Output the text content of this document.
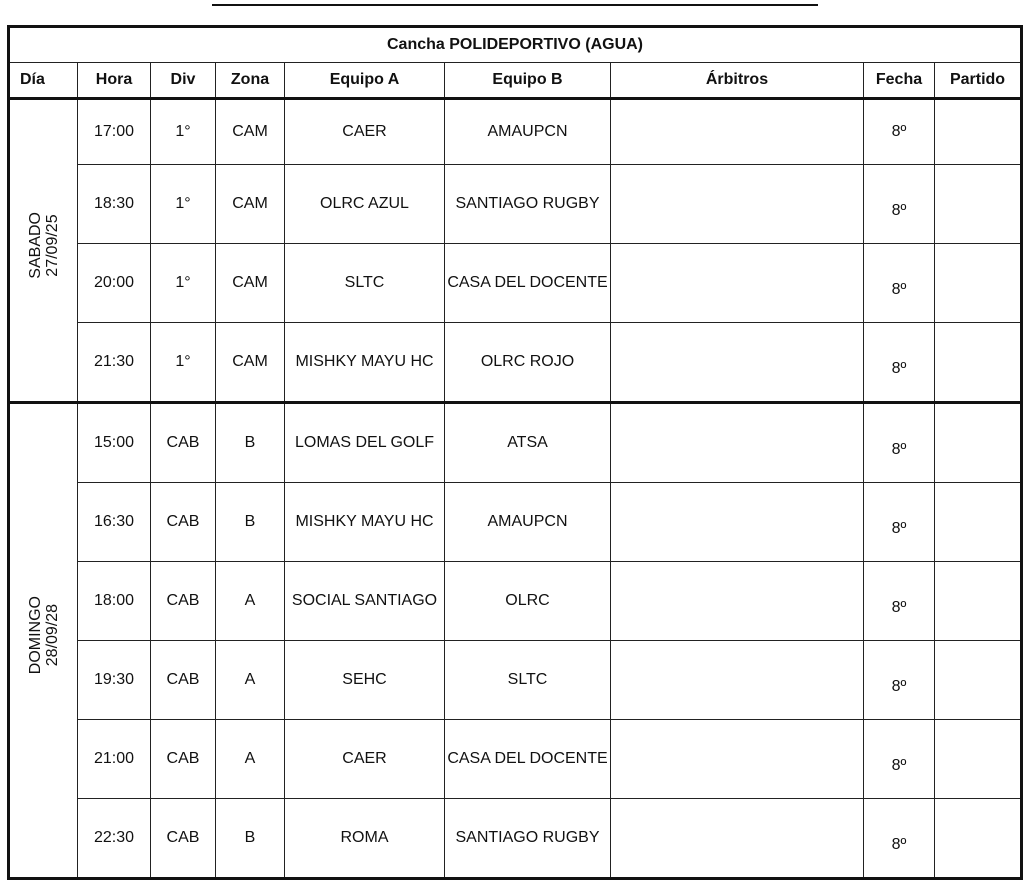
Cancha POLIDEPORTIVO (AGUA)								
Día	Hora	Div	Zona	Equipo A	Equipo B	Árbitros	Fecha	Partido

SABADO 27/09/25	17:00	1°	CAM	CAER	AMAUPCN		8º	
	18:30	1°	CAM	OLRC AZUL	SANTIAGO RUGBY		8º	
	20:00	1°	CAM	SLTC	CASA DEL DOCENTE		8º	
	21:30	1°	CAM	MISHKY MAYU HC	OLRC ROJO		8º	

DOMINGO 28/09/28	15:00	CAB	B	LOMAS DEL GOLF	ATSA		8º	
	16:30	CAB	B	MISHKY MAYU HC	AMAUPCN		8º	
	18:00	CAB	A	SOCIAL SANTIAGO	OLRC		8º	
	19:30	CAB	A	SEHC	SLTC		8º	
	21:00	CAB	A	CAER	CASA DEL DOCENTE		8º	
	22:30	CAB	B	ROMA	SANTIAGO RUGBY		8º	
